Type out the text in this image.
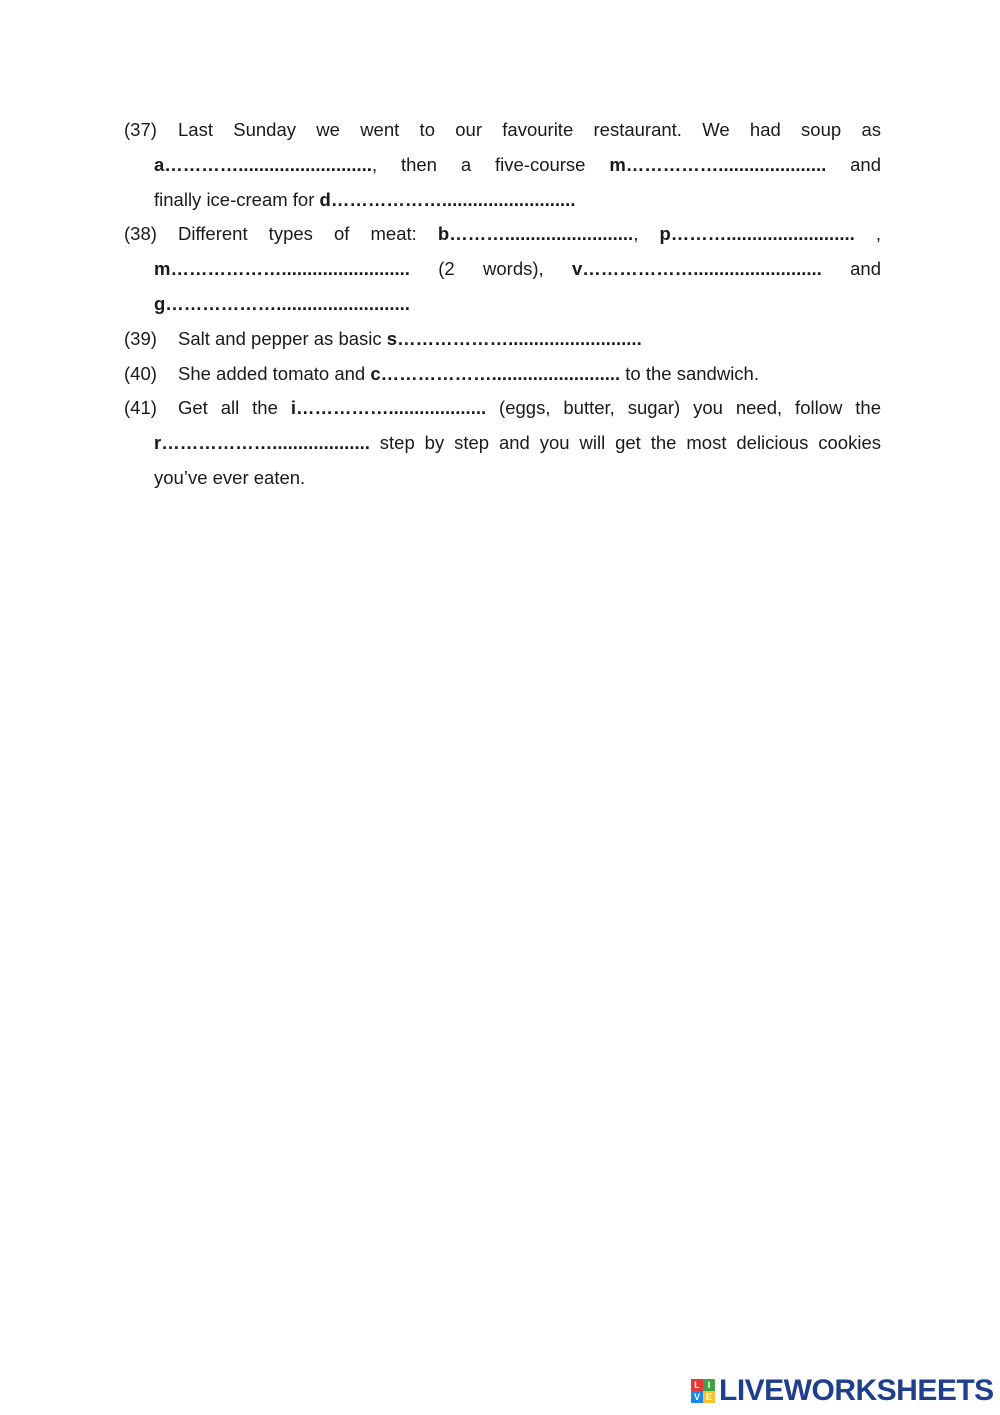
(37)	Last Sunday we went to our favourite restaurant. We had soup as
a………….........................., then a five-course m……………..................... and
finally ice-cream for d………………..........................
(38)	Different types of meat: b………........................., p………......................... ,
m………………......................... (2 words), v………………......................... and
g………………..........................
(39)	Salt and pepper as basic s………………..........................
(40)	She added tomato and c………………......................... to the sandwich.
(41)	Get all the i……………................... (eggs, butter, sugar) you need, follow the
r………………................... step by step and you will get the most delicious cookies
you’ve ever eaten.
L I
V E LIVEWORKSHEETS
